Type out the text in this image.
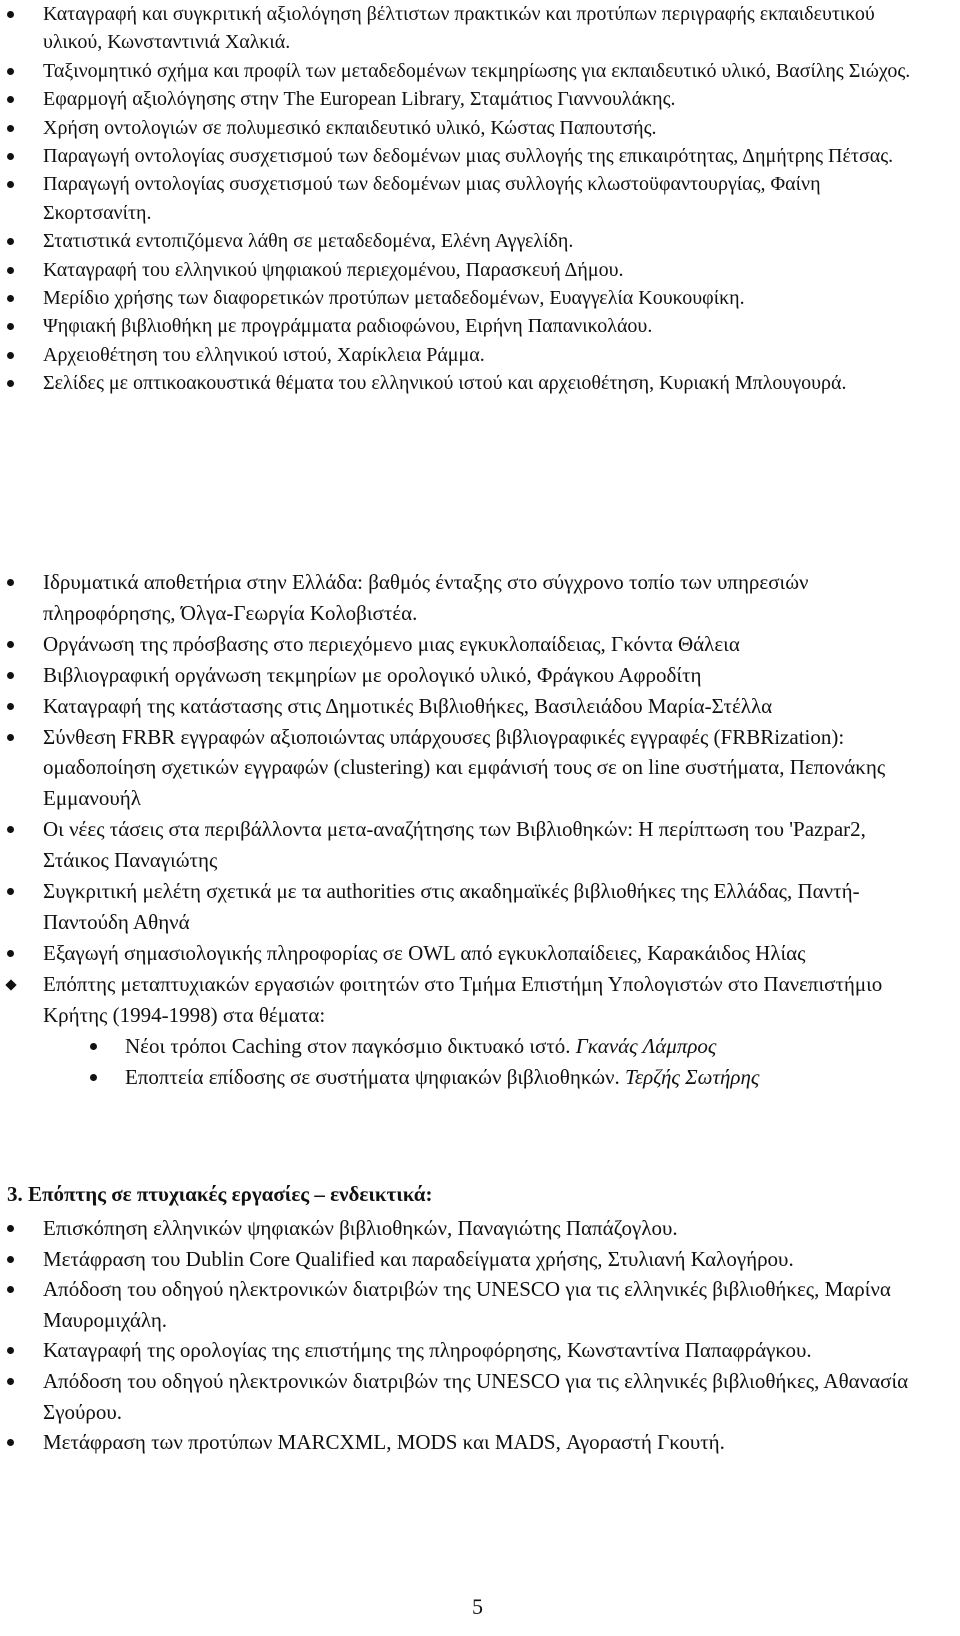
Καταγραφή και συγκριτική αξιολόγηση βέλτιστων πρακτικών και προτύπων περιγραφής εκπαιδευτικού υλικού, Κωνσταντινιά Χαλκιά.
Ταξινομητικό σχήμα και προφίλ των μεταδεδομένων τεκμηρίωσης για εκπαιδευτικό υλικό, Βασίλης Σιώχος.
Εφαρμογή αξιολόγησης στην The European Library, Σταμάτιος Γιαννουλάκης.
Χρήση οντολογιών σε πολυμεσικό εκπαιδευτικό υλικό, Κώστας Παπουτσής.
Παραγωγή οντολογίας συσχετισμού των δεδομένων μιας συλλογής της επικαιρότητας, Δημήτρης Πέτσας.
Παραγωγή οντολογίας συσχετισμού των δεδομένων μιας συλλογής κλωστοϋφαντουργίας, Φαίνη Σκορτσανίτη.
Στατιστικά εντοπιζόμενα λάθη σε μεταδεδομένα, Ελένη Αγγελίδη.
Καταγραφή του ελληνικού ψηφιακού περιεχομένου, Παρασκευή Δήμου.
Μερίδιο χρήσης των διαφορετικών προτύπων μεταδεδομένων, Ευαγγελία Κουκουφίκη.
Ψηφιακή βιβλιοθήκη με προγράμματα ραδιοφώνου, Ειρήνη Παπανικολάου.
Αρχειοθέτηση του ελληνικού ιστού, Χαρίκλεια Ράμμα.
Σελίδες με οπτικοακουστικά θέματα του ελληνικού ιστού και αρχειοθέτηση, Κυριακή Μπλουγουρά.
Ιδρυματικά αποθετήρια στην Ελλάδα: βαθμός ένταξης στο σύγχρονο τοπίο των υπηρεσιών πληροφόρησης, Όλγα-Γεωργία Κολοβιστέα.
Οργάνωση της πρόσβασης στο περιεχόμενο μιας εγκυκλοπαίδειας, Γκόντα Θάλεια
Βιβλιογραφική οργάνωση τεκμηρίων με ορολογικό υλικό, Φράγκου Αφροδίτη
Καταγραφή της κατάστασης στις Δημοτικές Βιβλιοθήκες, Βασιλειάδου Μαρία-Στέλλα
Σύνθεση FRBR εγγραφών αξιοποιώντας υπάρχουσες βιβλιογραφικές εγγραφές (FRBRization): ομαδοποίηση σχετικών εγγραφών (clustering) και εμφάνισή τους σε on line συστήματα, Πεπονάκης Εμμανουήλ
Οι νέες τάσεις στα περιβάλλοντα μετα-αναζήτησης των Βιβλιοθηκών: Η περίπτωση του 'Pazpar2, Στάικος Παναγιώτης
Συγκριτική μελέτη σχετικά με τα authorities στις ακαδημαϊκές βιβλιοθήκες της Ελλάδας, Παντή-Παντούδη Αθηνά
Εξαγωγή σημασιολογικής πληροφορίας σε OWL από εγκυκλοπαίδειες, Καρακάιδος Ηλίας
Επόπτης μεταπτυχιακών εργασιών φοιτητών στο Τμήμα Επιστήμη Υπολογιστών στο Πανεπιστήμιο Κρήτης (1994-1998) στα θέματα:
Νέοι τρόποι Caching στον παγκόσμιο δικτυακό ιστό. Γκανάς Λάμπρος
Εποπτεία επίδοσης σε συστήματα ψηφιακών βιβλιοθηκών. Τερζής Σωτήρης
3. Επόπτης σε πτυχιακές εργασίες – ενδεικτικά:
Επισκόπηση ελληνικών ψηφιακών βιβλιοθηκών, Παναγιώτης Παπάζογλου.
Μετάφραση του Dublin Core Qualified και παραδείγματα χρήσης, Στυλιανή Καλογήρου.
Απόδοση του οδηγού ηλεκτρονικών διατριβών της UNESCO για τις ελληνικές βιβλιοθήκες, Μαρίνα Μαυρομιχάλη.
Καταγραφή της ορολογίας της επιστήμης της πληροφόρησης, Κωνσταντίνα Παπαφράγκου.
Απόδοση του οδηγού ηλεκτρονικών διατριβών της UNESCO για τις ελληνικές βιβλιοθήκες, Αθανασία Σγούρου.
Μετάφραση των προτύπων MARCXML, MODS και MADS, Αγοραστή Γκουτή.
5
